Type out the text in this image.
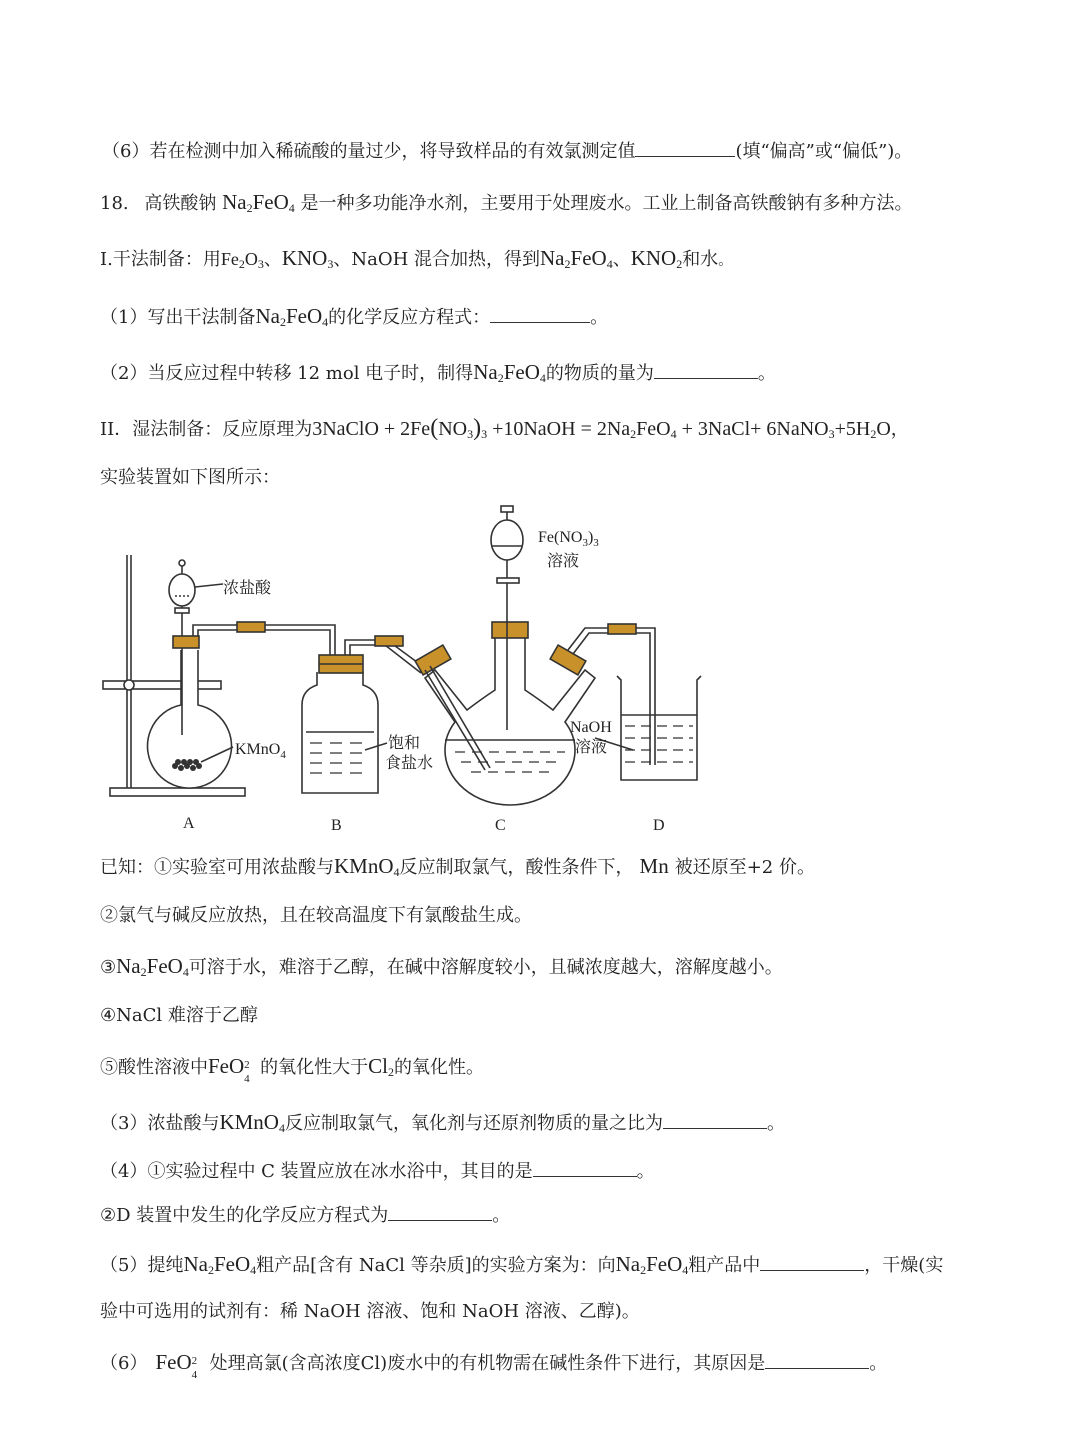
（6）若在检测中加入稀硫酸的量过少，将导致样品的有效氯测定值	(填“偏高”或“偏低”)。
18. 高铁酸钠 $Na_2FeO_4$ 是一种多功能净水剂，主要用于处理废水。工业上制备高铁酸钠有多种方法。
I.干法制备：用$Fe_2O_3$、$KNO_3$、NaOH 混合加热，得到$Na_2FeO_4$、$KNO_2$和水。
（1）写出干法制备$Na_2FeO_4$的化学反应方程式：	。
（2）当反应过程中转移 12 mol 电子时，制得$Na_2FeO_4$的物质的量为	。
II．湿法制备：反应原理为3NaClO + $2Fe(NO_3)_3$ +10NaOH = $2Na_2FeO_4$ + 3NaCl+ $6NaNO_3+5H_2O$，
实验装置如下图所示：
浓盐酸
KMnO$_4$
饱和
食盐水
$Fe(NO_3)_3$
溶液
NaOH
溶液
A	B	C	D
已知：①实验室可用浓盐酸与KMnO$_4$反应制取氯气，酸性条件下， Mn 被还原至+2 价。
②氯气与碱反应放热，且在较高温度下有氯酸盐生成。
$③Na_2FeO_4$可溶于水，难溶于乙醇，在碱中溶解度较小，且碱浓度越大，溶解度越小。
④NaCl 难溶于乙醇
⑤酸性溶液中FeO 2
4
的氧化性大于$Cl_2$的氧化性。
（3）浓盐酸与KMnO$_4$反应制取氯气，氧化剂与还原剂物质的量之比为	。
（4）①实验过程中 C 装置应放在冰水浴中，其目的是	。
②D 装置中发生的化学反应方程式为	。
（5）提纯$Na_2FeO_4$粗产品[含有 NaCl 等杂质]的实验方案为：向$Na_2FeO_4$粗产品中	，干燥(实
验中可选用的试剂有：稀 NaOH 溶液、饱和 NaOH 溶液、乙醇)。
（6） FeO 2
4
处理高氯(含高浓度Cl)废水中的有机物需在碱性条件下进行，其原因是	。
